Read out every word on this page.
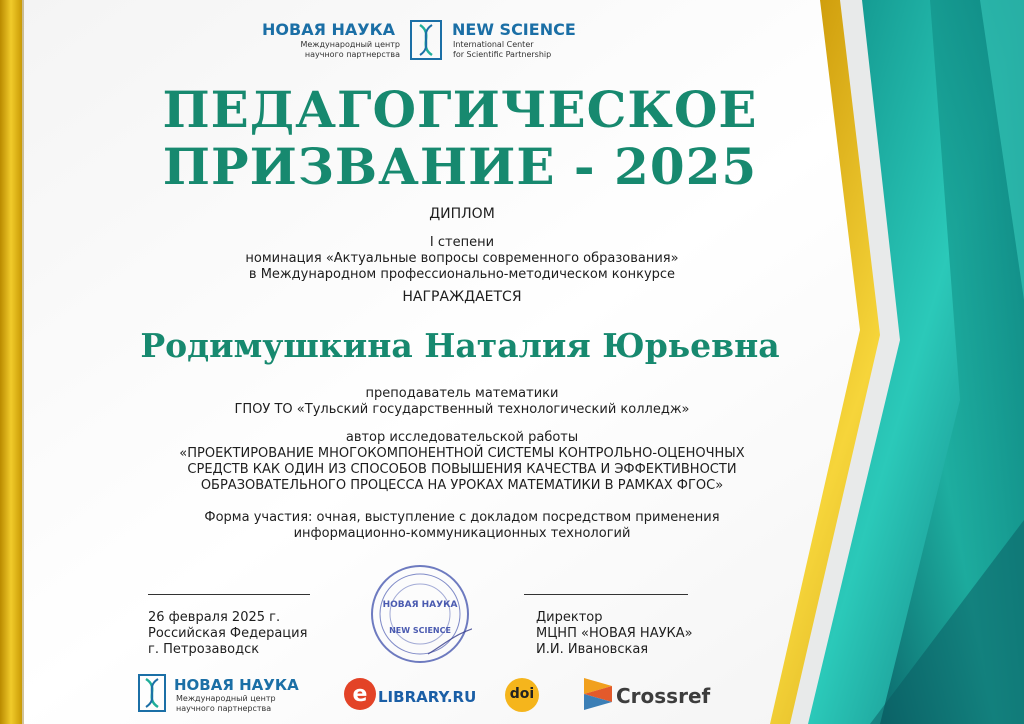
НОВАЯ НАУКА
Международный центр
научного партнерства
NEW SCIENCE
International Center
for Scientific Partnership
ПЕДАГОГИЧЕСКОЕ
ПРИЗВАНИЕ - 2025
ДИПЛОМ
I степени
номинация «Актуальные вопросы современного образования»
в Международном профессионально-методическом конкурсе
НАГРАЖДАЕТСЯ
Родимушкина Наталия Юрьевна
преподаватель математики
ГПОУ ТО «Тульский государственный технологический колледж»
автор исследовательской работы
«ПРОЕКТИРОВАНИЕ МНОГОКОМПОНЕНТНОЙ СИСТЕМЫ КОНТРОЛЬНО-ОЦЕНОЧНЫХ
СРЕДСТВ КАК ОДИН ИЗ СПОСОБОВ ПОВЫШЕНИЯ КАЧЕСТВА И ЭФФЕКТИВНОСТИ
ОБРАЗОВАТЕЛЬНОГО ПРОЦЕССА НА УРОКАХ МАТЕМАТИКИ В РАМКАХ ФГОС»
Форма участия: очная, выступление с докладом посредством применения
информационно-коммуникационных технологий
26 февраля 2025 г.
Российская Федерация
г. Петрозаводск
Директор
МЦНП «НОВАЯ НАУКА»
И.И. Ивановская
НОВАЯ НАУКА
NEW SCIENCE
НОВАЯ НАУКА
Международный центр
научного партнерства
e LIBRARY.RU	doi	Crossref
